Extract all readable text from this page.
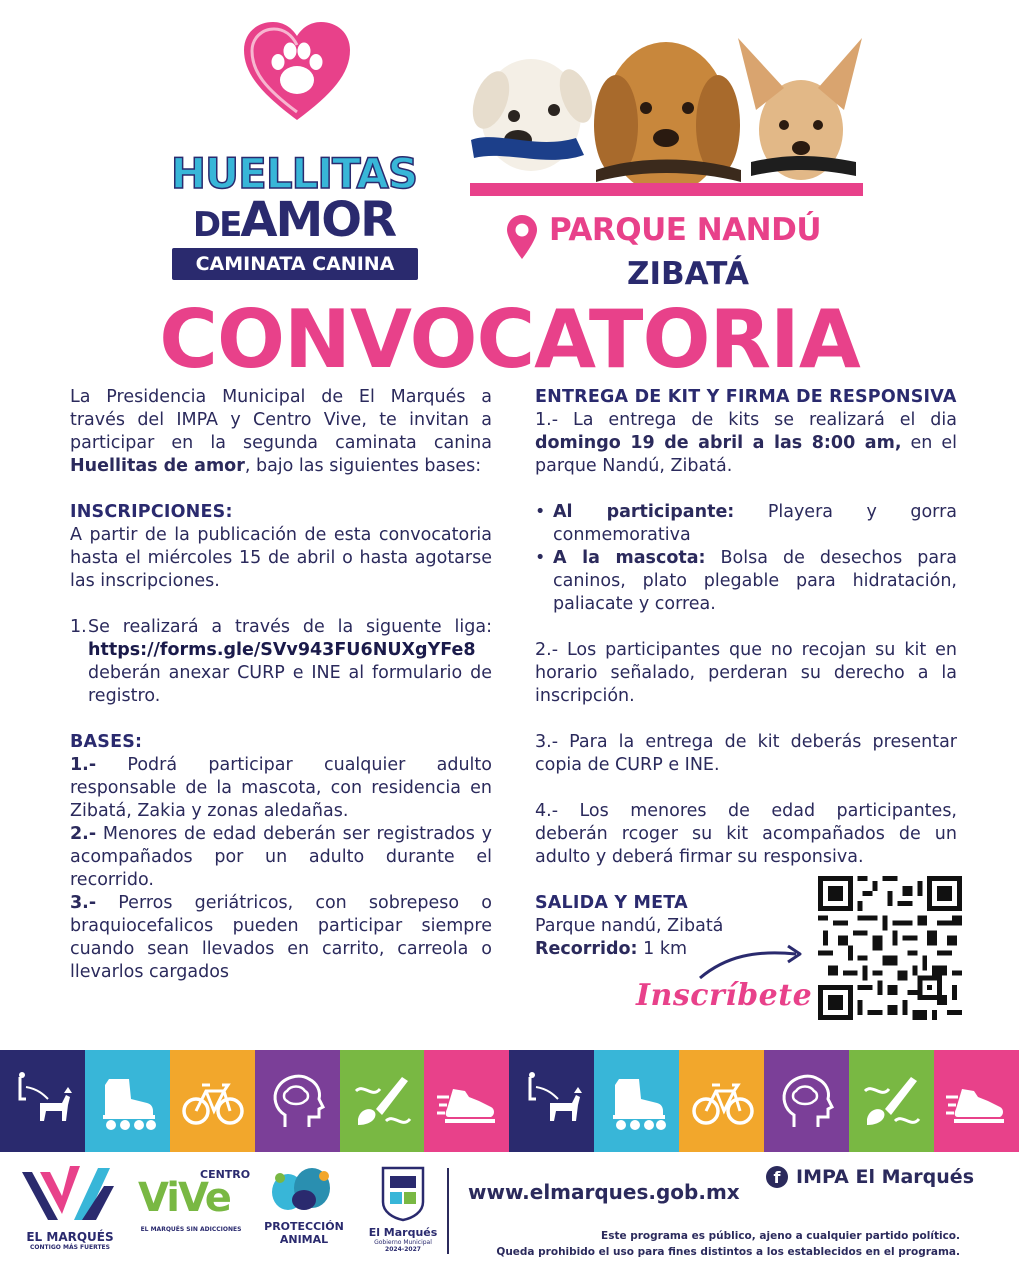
HUELLITAS
DEAMOR
CAMINATA CANINA
PARQUE NANDÚ
ZIBATÁ
CONVOCATORIA
La Presidencia Municipal de El Marqués a
través del IMPA y Centro Vive, te invitan a
participar en la segunda caminata canina
Huellitas de amor, bajo las siguientes bases:
INSCRIPCIONES:
A partir de la publicación de esta convocatoria
hasta el miércoles 15 de abril o hasta agotarse
las inscripciones.
1. Se realizará a través de la siguente liga:
https://forms.gle/SVv943FU6NUXgYFe8
deberán anexar CURP e INE al formulario de
registro.
BASES:
1.- Podrá participar cualquier adulto
responsable de la mascota, con residencia en
Zibatá, Zakia y zonas aledañas.
2.- Menores de edad deberán ser registrados y
acompañados por un adulto durante el
recorrido.
3.- Perros geriátricos, con sobrepeso o
braquiocefalicos pueden participar siempre
cuando sean llevados en carrito, carreola o
llevarlos cargados
ENTREGA DE KIT Y FIRMA DE RESPONSIVA
1.- La entrega de kits se realizará el dia
domingo 19 de abril a las 8:00 am, en el
parque Nandú, Zibatá.
• Al participante: Playera y gorra
conmemorativa
• A la mascota: Bolsa de desechos para
caninos, plato plegable para hidratación,
paliacate y correa.
2.- Los participantes que no recojan su kit en
horario señalado, perderan su derecho a la
inscripción.
3.- Para la entrega de kit deberás presentar
copia de CURP e INE.
4.- Los menores de edad participantes,
deberán rcoger su kit acompañados de un
adulto y deberá firmar su responsiva.
SALIDA Y META
Parque nandú, Zibatá
Recorrido: 1 km
Inscríbete
EL MARQUÉS
CONTIGO MÁS FUERTES
CENTRO
ViVe
EL MARQUÉS SIN ADICCIONES	PROTECCIÓN
ANIMAL
El Marqués
Gobierno Municipal
2024-2027
www.elmarques.gob.mx
f IMPA El Marqués
Este programa es público, ajeno a cualquier partido político.
Queda prohibido el uso para fines distintos a los establecidos en el programa.
